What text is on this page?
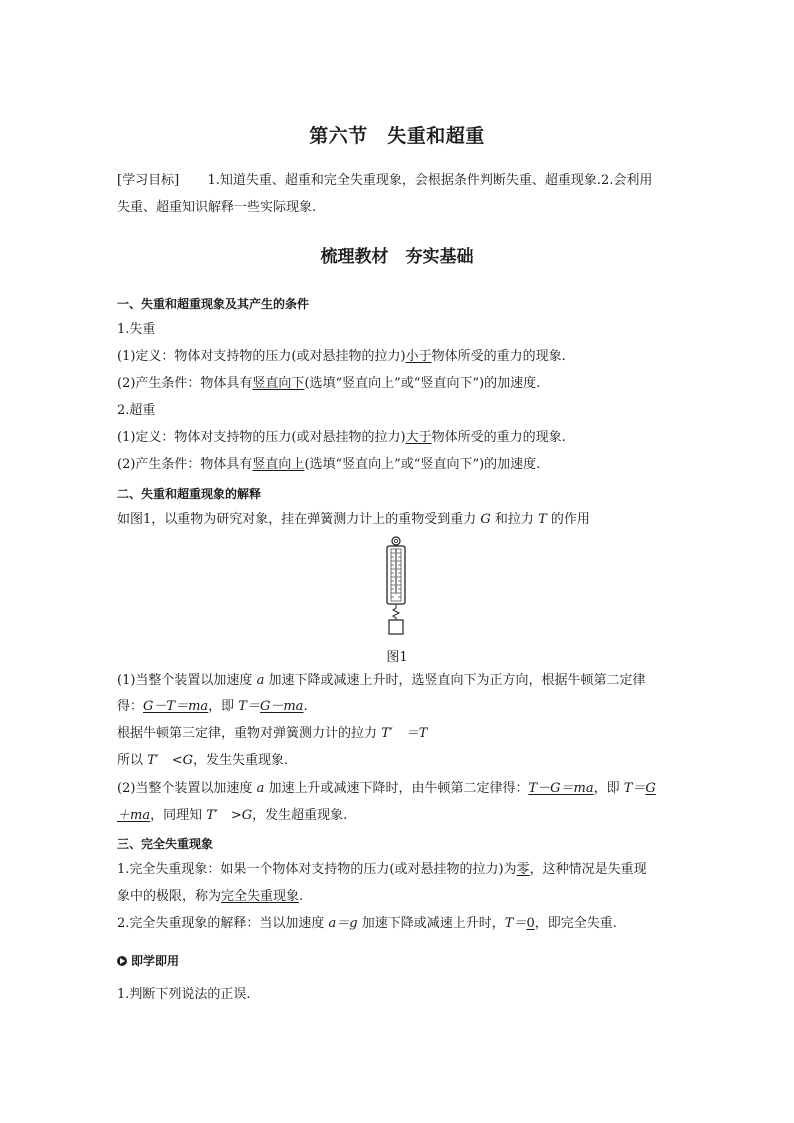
第六节　失重和超重
[学习目标] 1.知道失重、超重和完全失重现象，会根据条件判断失重、超重现象.2.会利用
失重、超重知识解释一些实际现象.
梳理教材　夯实基础
一、失重和超重现象及其产生的条件
1.失重
(1)定义：物体对支持物的压力(或对悬挂物的拉力)小于物体所受的重力的现象.
(2)产生条件：物体具有竖直向下(选填“竖直向上”或“竖直向下”)的加速度.
2.超重
(1)定义：物体对支持物的压力(或对悬挂物的拉力)大于物体所受的重力的现象.
(2)产生条件：物体具有竖直向上(选填“竖直向上”或“竖直向下”)的加速度.
二、失重和超重现象的解释
如图1，以重物为研究对象，挂在弹簧测力计上的重物受到重力 G 和拉力 T 的作用
图1
(1)当整个装置以加速度 a 加速下降或减速上升时，选竖直向下为正方向，根据牛顿第二定律
得：G－T＝ma，即 T＝G－ma.
根据牛顿第三定律，重物对弹簧测力计的拉力 T′　＝T
所以 T′　<G，发生失重现象.
(2)当整个装置以加速度 a 加速上升或减速下降时，由牛顿第二定律得：T－G＝ma，即 T＝G
＋ma，同理知 T′　>G，发生超重现象.
三、完全失重现象
1.完全失重现象：如果一个物体对支持物的压力(或对悬挂物的拉力)为零，这种情况是失重现
象中的极限，称为完全失重现象.
2.完全失重现象的解释：当以加速度 a＝g 加速下降或减速上升时，T＝0，即完全失重.
即学即用
1.判断下列说法的正误.
